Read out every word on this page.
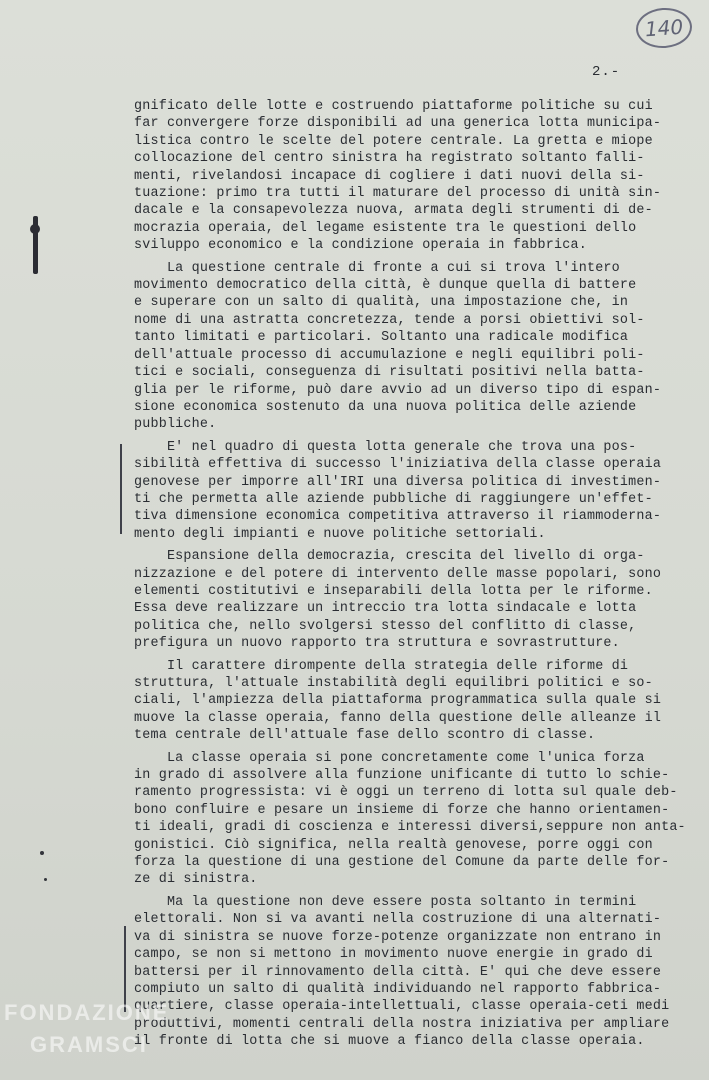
140
2.-
gnificato delle lotte e costruendo piattaforme politiche su cui
far convergere forze disponibili ad una generica lotta municipa-
listica contro le scelte del potere centrale. La gretta e miope
collocazione del centro sinistra ha registrato soltanto falli-
menti, rivelandosi incapace di cogliere i dati nuovi della si-
tuazione: primo tra tutti il maturare del processo di unità sin-
dacale e la consapevolezza nuova, armata degli strumenti di de-
mocrazia operaia, del legame esistente tra le questioni dello
sviluppo economico e la condizione operaia in fabbrica.
La questione centrale di fronte a cui si trova l'intero
movimento democratico della città, è dunque quella di battere
e superare con un salto di qualità, una impostazione che, in
nome di una astratta concretezza, tende a porsi obiettivi sol-
tanto limitati e particolari. Soltanto una radicale modifica
dell'attuale processo di accumulazione e negli equilibri poli-
tici e sociali, conseguenza di risultati positivi nella batta-
glia per le riforme, può dare avvio ad un diverso tipo di espan-
sione economica sostenuto da una nuova politica delle aziende
pubbliche.
E' nel quadro di questa lotta generale che trova una pos-
sibilità effettiva di successo l'iniziativa della classe operaia
genovese per imporre all'IRI una diversa politica di investimen-
ti che permetta alle aziende pubbliche di raggiungere un'effet-
tiva dimensione economica competitiva attraverso il riammoderna-
mento degli impianti e nuove politiche settoriali.
Espansione della democrazia, crescita del livello di orga-
nizzazione e del potere di intervento delle masse popolari, sono
elementi costitutivi e inseparabili della lotta per le riforme.
Essa deve realizzare un intreccio tra lotta sindacale e lotta
politica che, nello svolgersi stesso del conflitto di classe,
prefigura un nuovo rapporto tra struttura e sovrastrutture.
Il carattere dirompente della strategia delle riforme di
struttura, l'attuale instabilità degli equilibri politici e so-
ciali, l'ampiezza della piattaforma programmatica sulla quale si
muove la classe operaia, fanno della questione delle alleanze il
tema centrale dell'attuale fase dello scontro di classe.
La classe operaia si pone concretamente come l'unica forza
in grado di assolvere alla funzione unificante di tutto lo schie-
ramento progressista: vi è oggi un terreno di lotta sul quale deb-
bono confluire e pesare un insieme di forze che hanno orientamen-
ti ideali, gradi di coscienza e interessi diversi,seppure non anta-
gonistici. Ciò significa, nella realtà genovese, porre oggi con
forza la questione di una gestione del Comune da parte delle for-
ze di sinistra.
Ma la questione non deve essere posta soltanto in termini
elettorali. Non si va avanti nella costruzione di una alternati-
va di sinistra se nuove forze-potenze organizzate non entrano in
campo, se non si mettono in movimento nuove energie in grado di
battersi per il rinnovamento della città. E' qui che deve essere
compiuto un salto di qualità individuando nel rapporto fabbrica-
quartiere, classe operaia-intellettuali, classe operaia-ceti medi
produttivi, momenti centrali della nostra iniziativa per ampliare
il fronte di lotta che si muove a fianco della classe operaia.
FONDAZIONE
GRAMSCI
